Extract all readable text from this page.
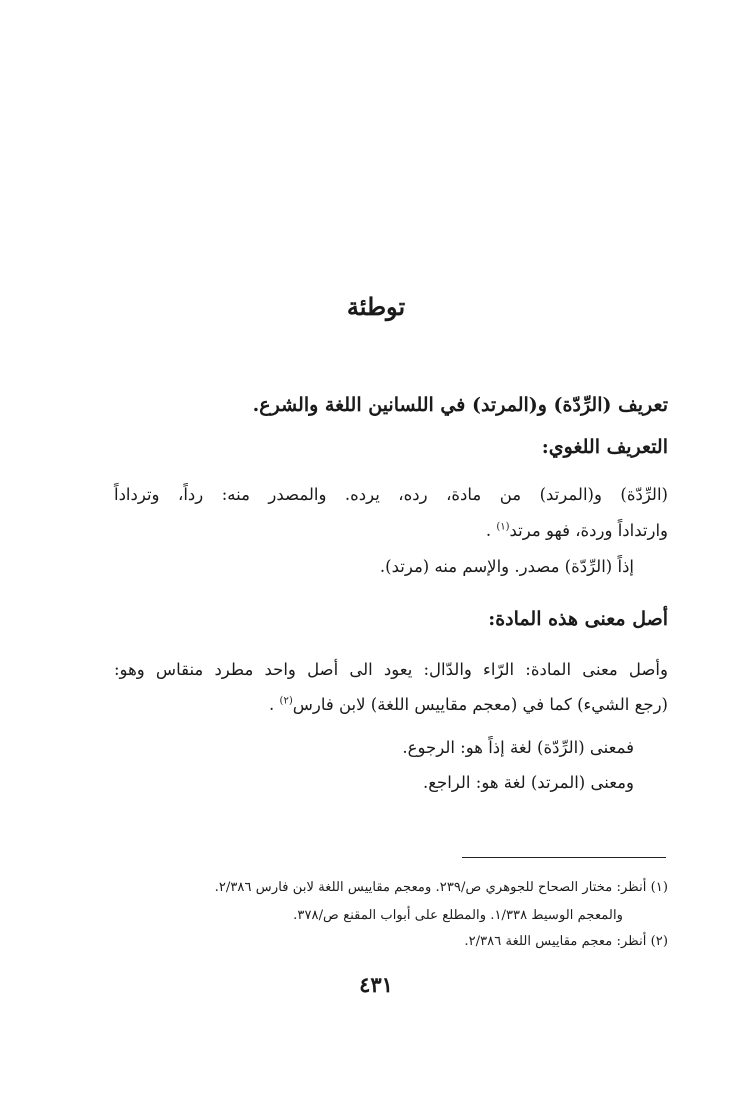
توطئة
تعريف (الرِّدّة) و(المرتد) في اللسانين اللغة والشرع.
التعريف اللغوي:
(الرِّدّة) و(المرتد) من مادة، رده، يرده. والمصدر منه: رداً، وترداداً
وارتداداً وردة، فهو مرتد$^{(١)}$ .
إذاً (الرِّدّة) مصدر. والإسم منه (مرتد).
أصل معنى هذه المادة:
وأصل معنى المادة: الرّاء والدّال: يعود الى أصل واحد مطرد منقاس وهو:
(رجع الشيء) كما في (معجم مقاييس اللغة) لابن فارس$^{(٢)}$ .
فمعنى (الرِّدّة) لغة إذاً هو: الرجوع.
ومعنى (المرتد) لغة هو: الراجع.
(١) أنظر: مختار الصحاح للجوهري ص/٢٣٩. ومعجم مقاييس اللغة لابن فارس ٢/٣٨٦.
والمعجم الوسيط ١/٣٣٨. والمطلع على أبواب المقنع ص/٣٧٨.
(٢) أنظر: معجم مقاييس اللغة ٢/٣٨٦.
٤٣١
